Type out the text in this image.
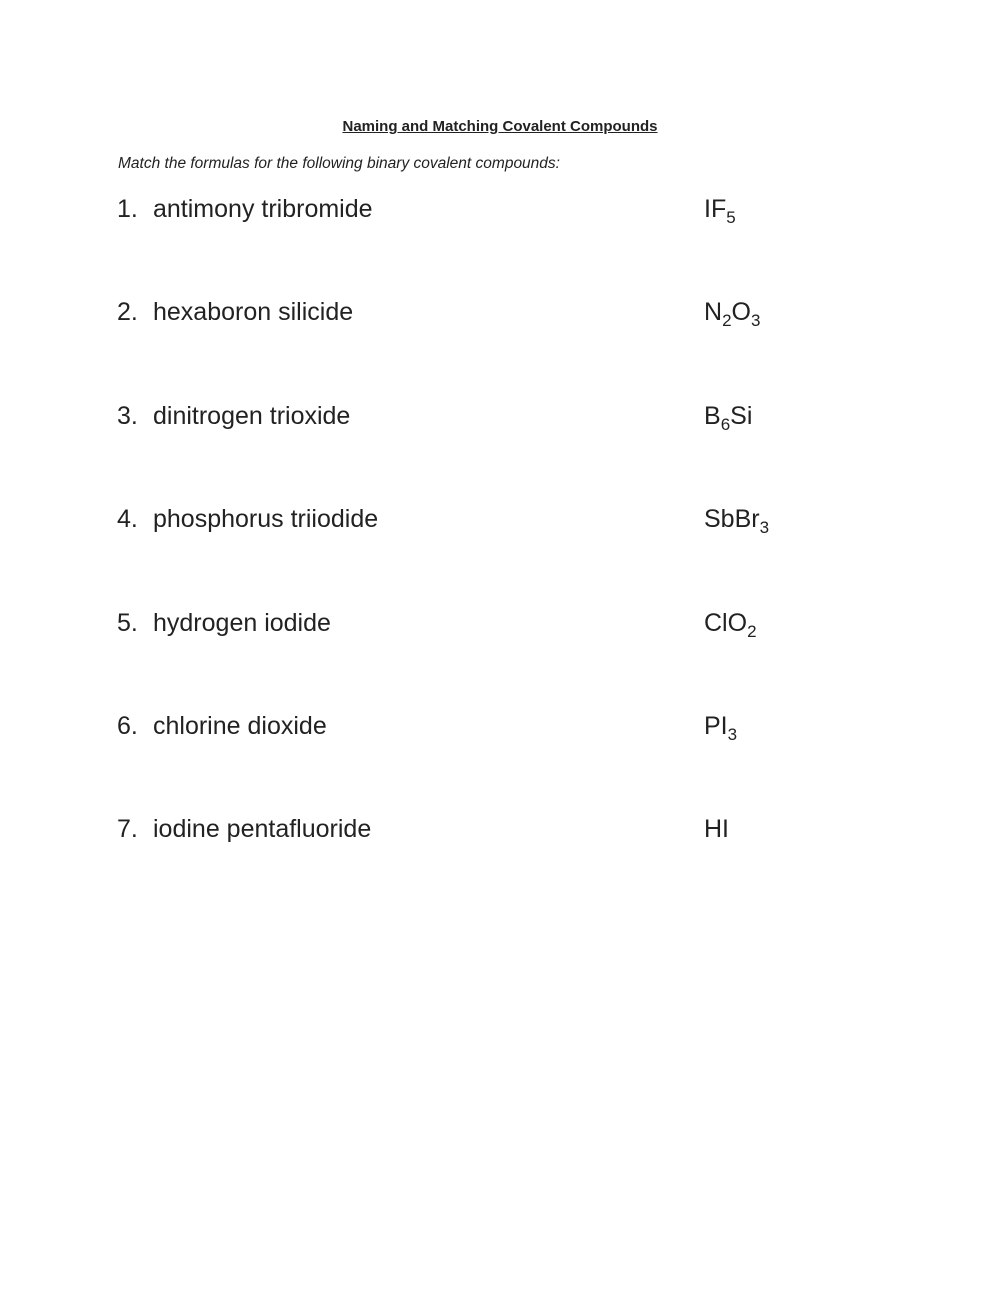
Naming and Matching Covalent Compounds
Match the formulas for the following binary covalent compounds:
1. antimony tribromide	$IF_5$
2. hexaboron silicide	$N_2O_3$
3. dinitrogen trioxide	$B_6Si$
4. phosphorus triiodide	SbBr$_3$
5. hydrogen iodide	ClO$_2$
6. chlorine dioxide	$PI_3$
7. iodine pentafluoride	HI
